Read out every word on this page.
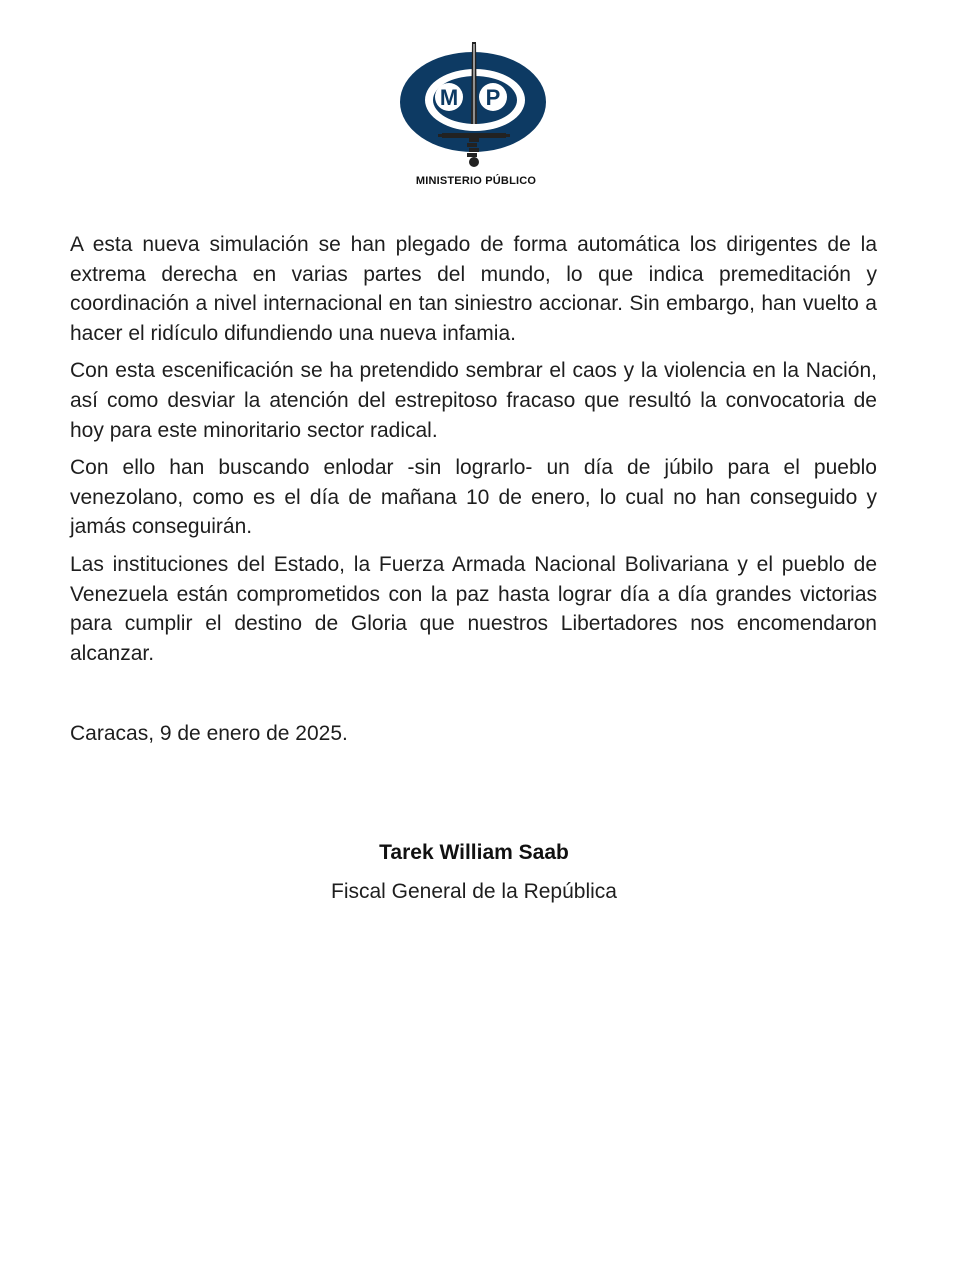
M P
MINISTERIO PÚBLICO

A esta nueva simulación se han plegado de forma automática los dirigentes de la extrema derecha en varias partes del mundo, lo que indica premeditación y coordinación a nivel internacional en tan siniestro accionar. Sin embargo, han vuelto a hacer el ridículo difundiendo una nueva infamia.

Con esta escenificación se ha pretendido sembrar el caos y la violencia en la Nación, así como desviar la atención del estrepitoso fracaso que resultó la convocatoria de hoy para este minoritario sector radical.

Con ello han buscando enlodar -sin lograrlo- un día de júbilo para el pueblo venezolano, como es el día de mañana 10 de enero, lo cual no han conseguido y jamás conseguirán.

Las instituciones del Estado, la Fuerza Armada Nacional Bolivariana y el pueblo de Venezuela están comprometidos con la paz hasta lograr día a día grandes victorias para cumplir el destino de Gloria que nuestros Libertadores nos encomendaron alcanzar.

Caracas, 9 de enero de 2025.
Tarek William Saab
Fiscal General de la República
